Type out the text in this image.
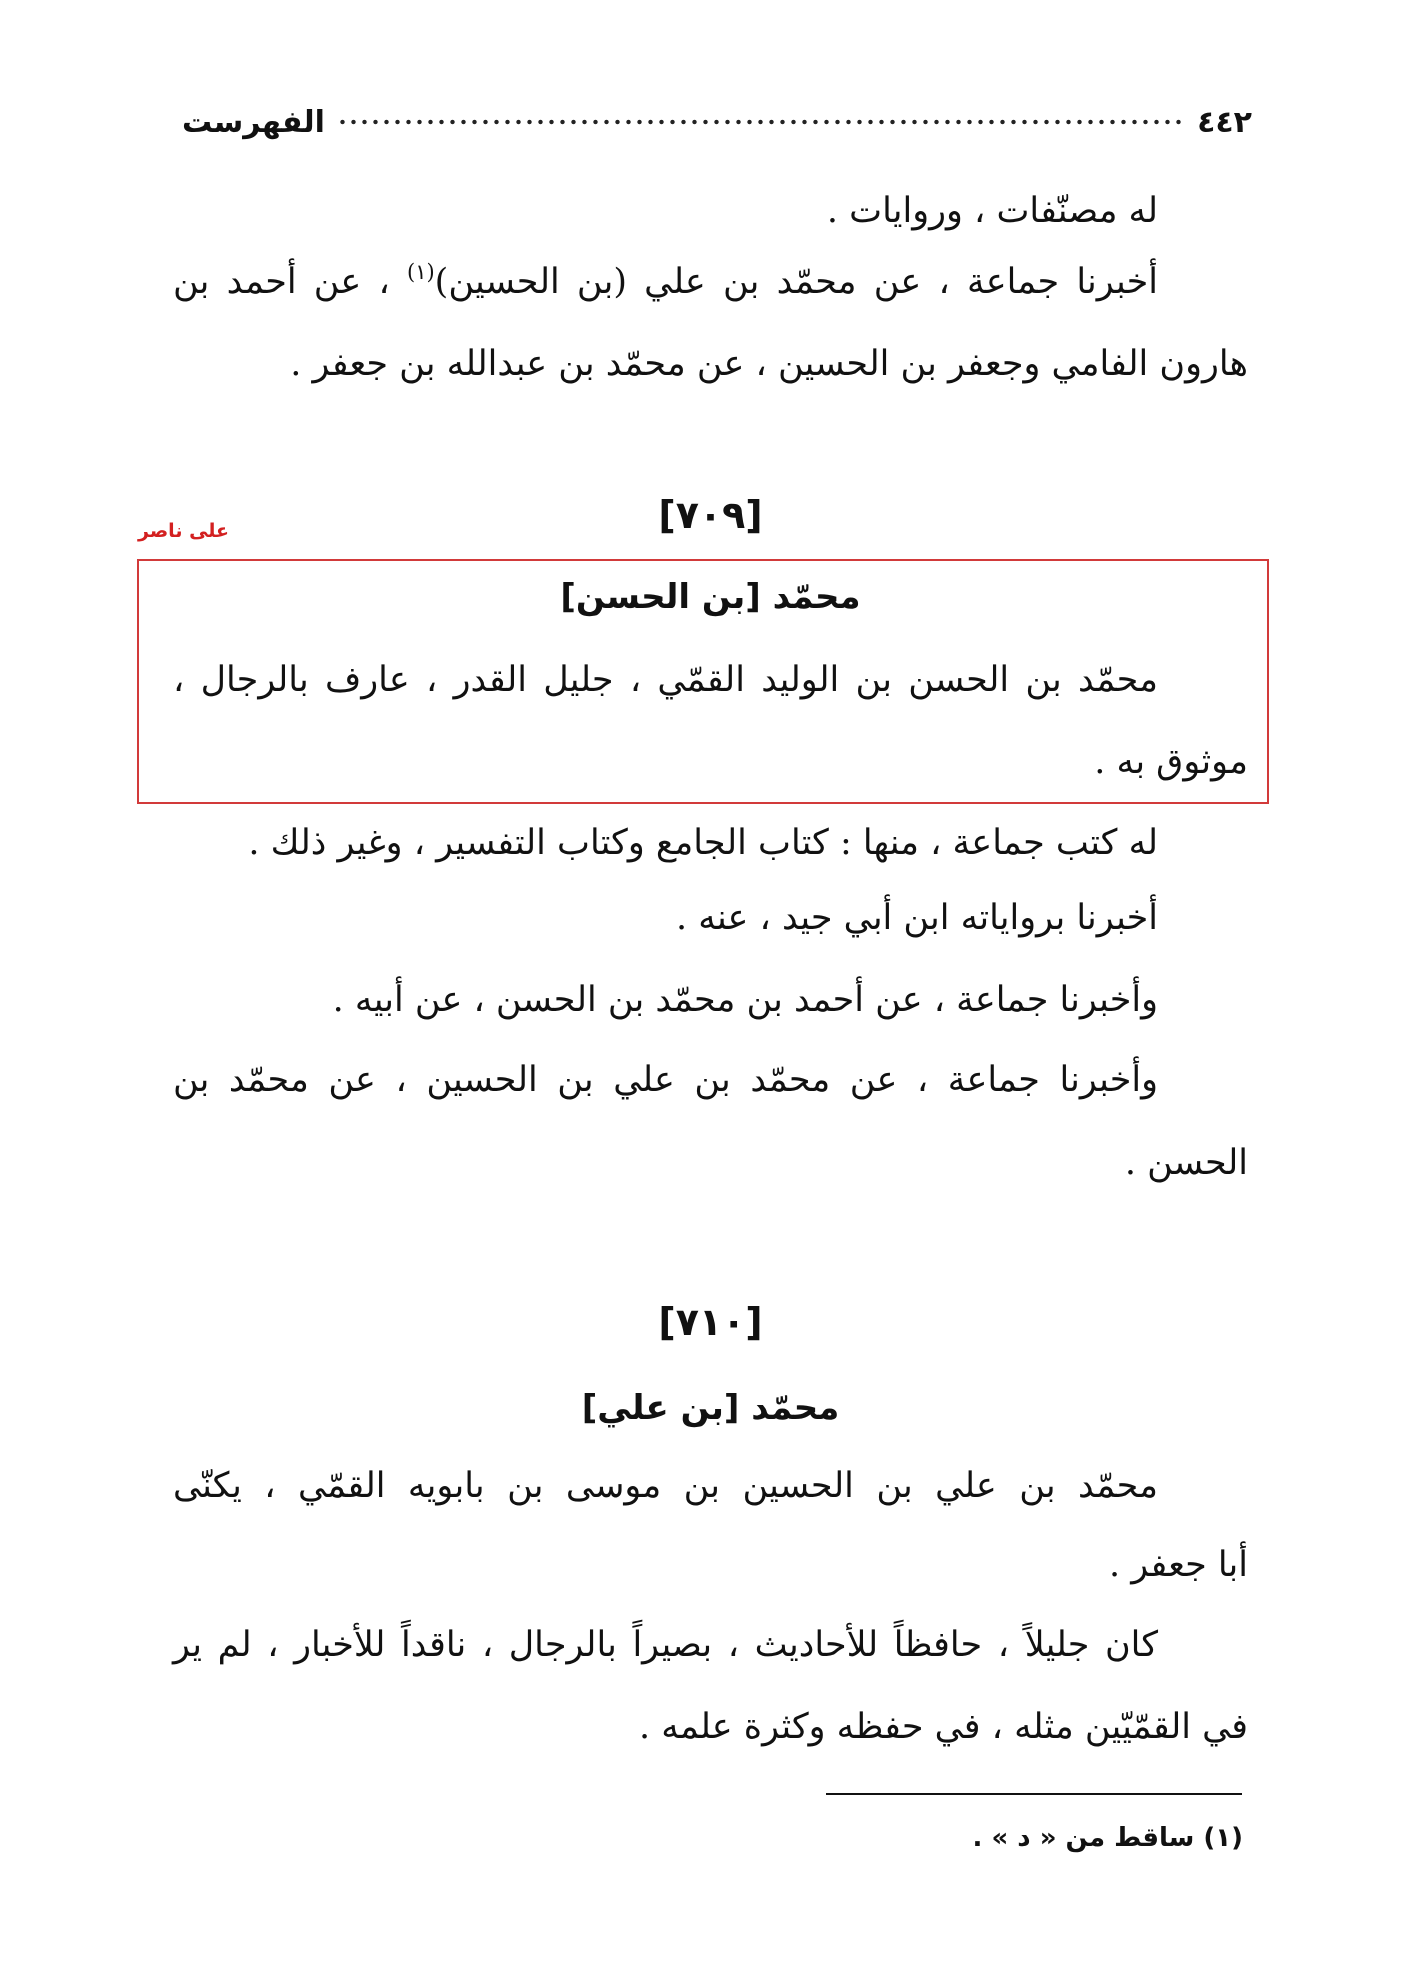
٤٤٢
الفهرست
له مصنّفات ، وروايات .
أخبرنا جماعة ، عن محمّد بن علي (بن الحسين)$^{(١)}$ ، عن أحمد بن
هارون الفامي وجعفر بن الحسين ، عن محمّد بن عبدالله بن جعفر .
[٧٠٩]
على ناصر
محمّد [بن الحسن]
محمّد بن الحسن بن الوليد القمّي ، جليل القدر ، عارف بالرجال ،
موثوق به .
له كتب جماعة ، منها : كتاب الجامع وكتاب التفسير ، وغير ذلك .
أخبرنا برواياته ابن أبي جيد ، عنه .
وأخبرنا جماعة ، عن أحمد بن محمّد بن الحسن ، عن أبيه .
وأخبرنا جماعة ، عن محمّد بن علي بن الحسين ، عن محمّد بن
الحسن .
[٧١٠]
محمّد [بن علي]
محمّد بن علي بن الحسين بن موسى بن بابويه القمّي ، يكنّى
أبا جعفر .
كان جليلاً ، حافظاً للأحاديث ، بصيراً بالرجال ، ناقداً للأخبار ، لم ير
في القمّيّين مثله ، في حفظه وكثرة علمه .
(١) ساقط من « د » .
